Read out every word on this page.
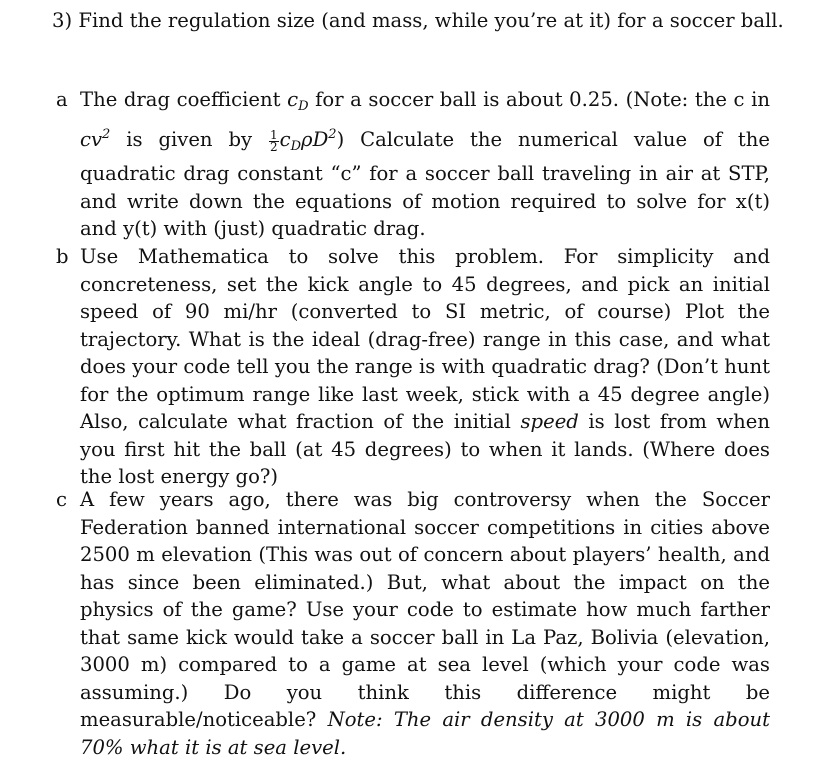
3) Find the regulation size (and mass, while you’re at it) for a soccer ball.

a The drag coefficient $c_D$ for a soccer ball is about 0.25. (Note: the c in $cv^2$ is given by $\frac{1}{2} c_D\rho D^2$) Calculate the numerical value of the quadratic drag constant “c” for a soccer ball traveling in air at STP, and write down the equations of motion required to solve for x(t) and y(t) with (just) quadratic drag.
b Use Mathematica to solve this problem. For simplicity and concreteness, set the kick angle to 45 degrees, and pick an initial speed of 90 mi/hr (converted to SI metric, of course) Plot the trajectory. What is the ideal (drag-free) range in this case, and what does your code tell you the range is with quadratic drag? (Don’t hunt for the optimum range like last week, stick with a 45 degree angle) Also, calculate what fraction of the initial speed is lost from when you first hit the ball (at 45 degrees) to when it lands. (Where does the lost energy go?)
c A few years ago, there was big controversy when the Soccer Federation banned international soccer competitions in cities above 2500 m elevation (This was out of concern about players’ health, and has since been eliminated.) But, what about the impact on the physics of the game? Use your code to estimate how much farther that same kick would take a soccer ball in La Paz, Bolivia (elevation, 3000 m) compared to a game at sea level (which your code was assuming.) Do you think this difference might be measurable/noticeable? Note: The air density at 3000 m is about 70% what it is at sea level.
